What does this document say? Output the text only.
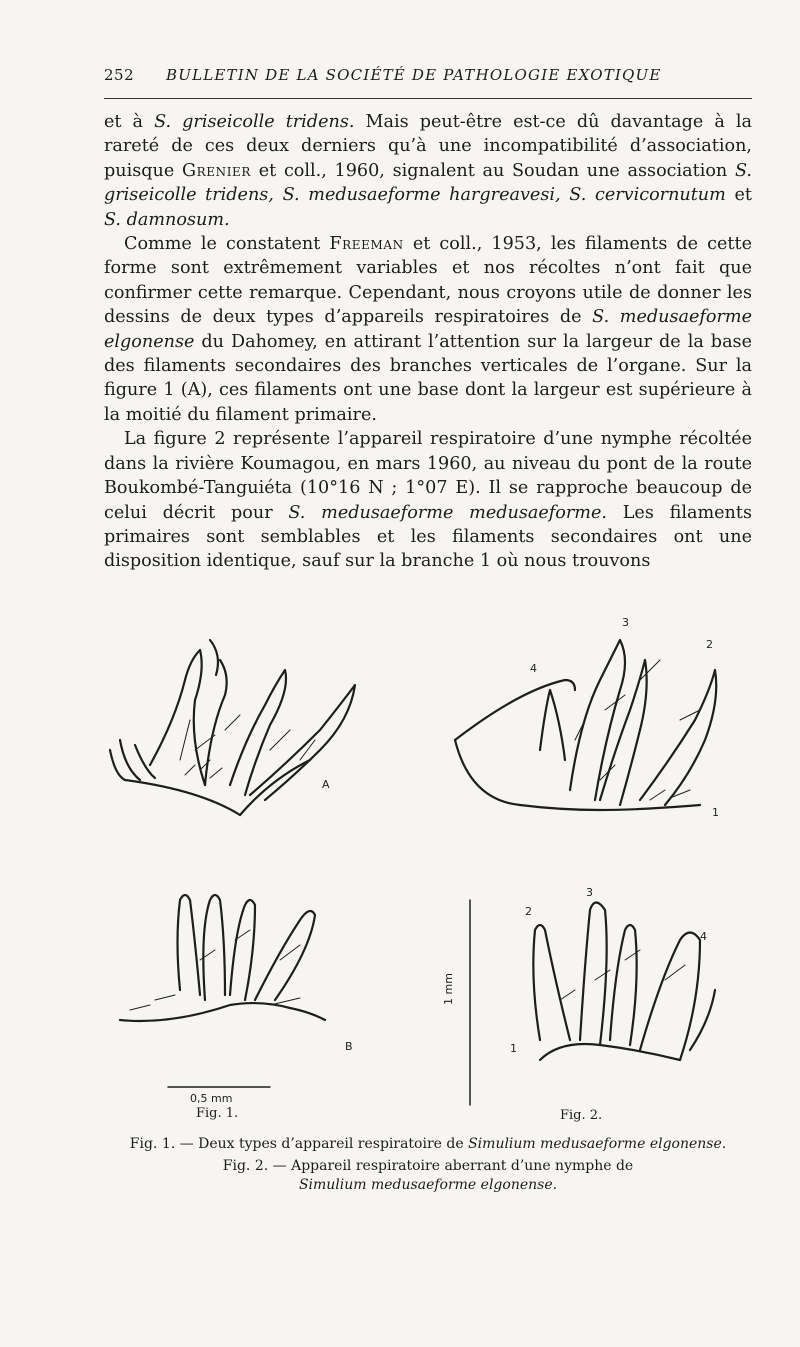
252	BULLETIN DE LA SOCIÉTÉ DE PATHOLOGIE EXOTIQUE

et à S. griseicolle tridens. Mais peut-être est-ce dû davantage à la rareté de ces deux derniers qu’à une incompatibilité d’association, puisque Grenier et coll., 1960, signalent au Soudan une association S. griseicolle tridens, S. medusaeforme hargreavesi, S. cervicornutum et S. damnosum.

Comme le constatent Freeman et coll., 1953, les filaments de cette forme sont extrêmement variables et nos récoltes n’ont fait que confirmer cette remarque. Cependant, nous croyons utile de donner les dessins de deux types d’appareils respiratoires de S. medusaeforme elgonense du Dahomey, en attirant l’attention sur la largeur de la base des filaments secondaires des branches verticales de l’organe. Sur la figure 1 (A), ces filaments ont une base dont la largeur est supérieure à la moitié du filament primaire.

La figure 2 représente l’appareil respiratoire d’une nymphe récoltée dans la rivière Koumagou, en mars 1960, au niveau du pont de la route Boukombé-Tanguiéta (10°16 N ; 1°07 E). Il se rapproche beaucoup de celui décrit pour S. medusaeforme medusaeforme. Les filaments primaires sont semblables et les filaments secondaires ont une disposition identique, sauf sur la branche 1 où nous trouvons

A
3
2
4
1
B
3
2
4
1
0,5 mm
Fig. 1.	Fig. 2.
1 mm

Fig. 1. — Deux types d’appareil respiratoire de Simulium medusaeforme elgonense.

Fig. 2. — Appareil respiratoire aberrant d’une nymphe de
Simulium medusaeforme elgonense.
